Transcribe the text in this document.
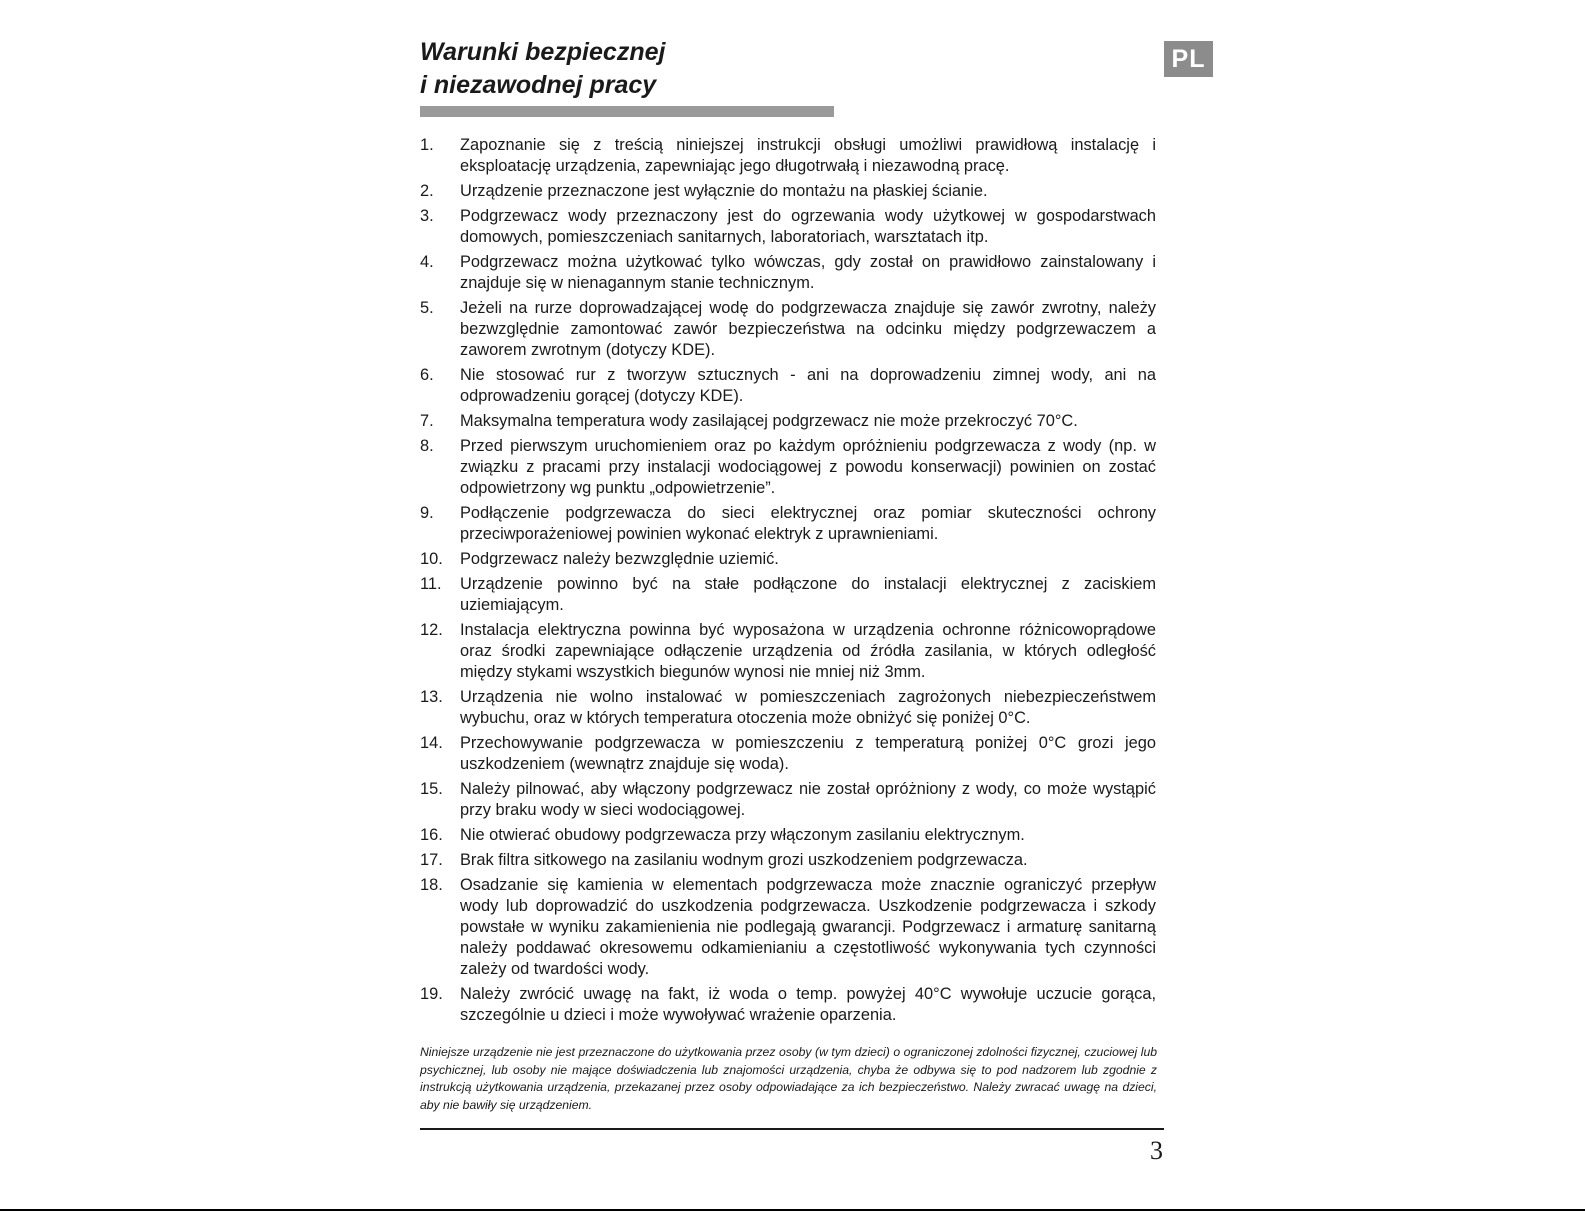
Warunki bezpiecznej
i niezawodnej pracy
PL
1.	Zapoznanie się z treścią niniejszej instrukcji obsługi umożliwi prawidłową instalację i eksploatację urządzenia, zapewniając jego długotrwałą i niezawodną pracę.
2.	Urządzenie przeznaczone jest wyłącznie do montażu na płaskiej ścianie.
3.	Podgrzewacz wody przeznaczony jest do ogrzewania wody użytkowej w gospodarstwach domowych, pomieszczeniach sanitarnych, laboratoriach, warsztatach itp.
4.	Podgrzewacz można użytkować tylko wówczas, gdy został on prawidłowo zainstalowany i znajduje się w nienagannym stanie technicznym.
5.	Jeżeli na rurze doprowadzającej wodę do podgrzewacza znajduje się zawór zwrotny, należy bezwzględnie zamontować zawór bezpieczeństwa na odcinku między podgrzewaczem a zaworem zwrotnym (dotyczy KDE).
6.	Nie stosować rur z tworzyw sztucznych - ani na doprowadzeniu zimnej wody, ani na odprowadzeniu gorącej (dotyczy KDE).
7.	Maksymalna temperatura wody zasilającej podgrzewacz nie może przekroczyć 70°C.
8.	Przed pierwszym uruchomieniem oraz po każdym opróżnieniu podgrzewacza z wody (np. w związku z pracami przy instalacji wodociągowej z powodu konserwacji) powinien on zostać odpowietrzony wg punktu „odpowietrzenie”.
9.	Podłączenie podgrzewacza do sieci elektrycznej oraz pomiar skuteczności ochrony przeciwporażeniowej powinien wykonać elektryk z uprawnieniami.
10.	Podgrzewacz należy bezwzględnie uziemić.
11.	Urządzenie powinno być na stałe podłączone do instalacji elektrycznej z zaciskiem uziemiającym.
12.	Instalacja elektryczna powinna być wyposażona w urządzenia ochronne różnicowoprądowe oraz środki zapewniające odłączenie urządzenia od źródła zasilania, w których odległość między stykami wszystkich biegunów wynosi nie mniej niż 3mm.
13.	Urządzenia nie wolno instalować w pomieszczeniach zagrożonych niebezpieczeństwem wybuchu, oraz w których temperatura otoczenia może obniżyć się poniżej 0°C.
14.	Przechowywanie podgrzewacza w pomieszczeniu z temperaturą poniżej 0°C grozi jego uszkodzeniem (wewnątrz znajduje się woda).
15.	Należy pilnować, aby włączony podgrzewacz nie został opróżniony z wody, co może wystąpić przy braku wody w sieci wodociągowej.
16.	Nie otwierać obudowy podgrzewacza przy włączonym zasilaniu elektrycznym.
17.	Brak filtra sitkowego na zasilaniu wodnym grozi uszkodzeniem podgrzewacza.
18.	Osadzanie się kamienia w elementach podgrzewacza może znacznie ograniczyć przepływ wody lub doprowadzić do uszkodzenia podgrzewacza. Uszkodzenie podgrzewacza i szkody powstałe w wyniku zakamienienia nie podlegają gwarancji. Podgrzewacz i armaturę sanitarną należy poddawać okresowemu odkamienianiu a częstotliwość wykonywania tych czynności zależy od twardości wody.
19.	Należy zwrócić uwagę na fakt, iż woda o temp. powyżej 40°C wywołuje uczucie gorąca, szczególnie u dzieci i może wywoływać wrażenie oparzenia.

Niniejsze urządzenie nie jest przeznaczone do użytkowania przez osoby (w tym dzieci) o ograniczonej zdolności fizycznej, czuciowej lub psychicznej, lub osoby nie mające doświadczenia lub znajomości urządzenia, chyba że odbywa się to pod nadzorem lub zgodnie z instrukcją użytkowania urządzenia, przekazanej przez osoby odpowiadające za ich bezpieczeństwo. Należy zwracać uwagę na dzieci, aby nie bawiły się urządzeniem.

3
